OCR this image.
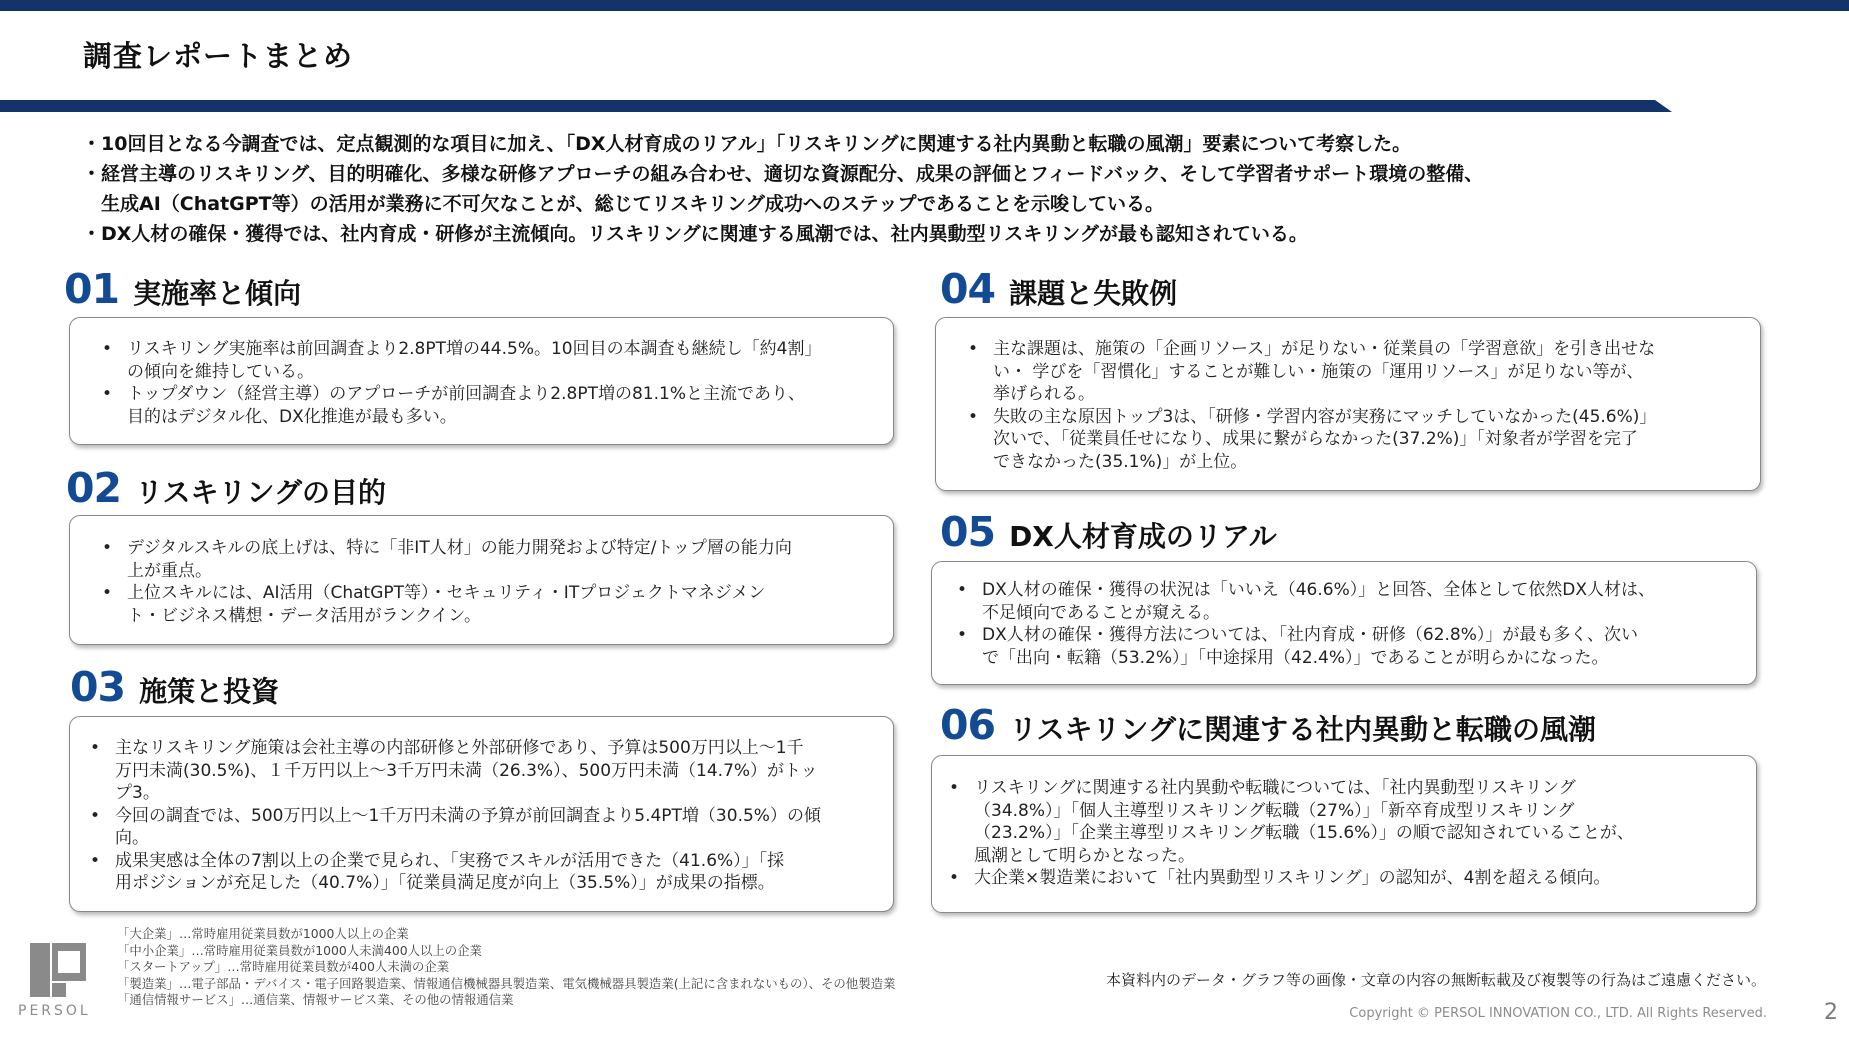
調査レポートまとめ
・10回目となる今調査では、定点観測的な項目に加え、「DX人材育成のリアル」「リスキリングに関連する社内異動と転職の風潮」要素について考察した。
・経営主導のリスキリング、目的明確化、多様な研修アプローチの組み合わせ、適切な資源配分、成果の評価とフィードバック、そして学習者サポート環境の整備、
　生成AI（ChatGPT等）の活用が業務に不可欠なことが、総じてリスキリング成功へのステップであることを示唆している。
・DX人材の確保・獲得では、社内育成・研修が主流傾向。リスキリングに関連する風潮では、社内異動型リスキリングが最も認知されている。
01 実施率と傾向
• リスキリング実施率は前回調査より2.8PT増の44.5%。10回目の本調査も継続し「約4割」
の傾向を維持している。
• トップダウン（経営主導）のアプローチが前回調査より2.8PT増の81.1%と主流であり、
目的はデジタル化、DX化推進が最も多い。
02 リスキリングの目的
• デジタルスキルの底上げは、特に「非IT人材」の能力開発および特定/トップ層の能力向
上が重点。
• 上位スキルには、AI活用（ChatGPT等）・セキュリティ・ITプロジェクトマネジメン
ト・ビジネス構想・データ活用がランクイン。
03 施策と投資
• 主なリスキリング施策は会社主導の内部研修と外部研修であり、予算は500万円以上～1千
万円未満(30.5%)、１千万円以上～3千万円未満（26.3%）、500万円未満（14.7%）がトッ
プ3。
• 今回の調査では、500万円以上～1千万円未満の予算が前回調査より5.4PT増（30.5%）の傾
向。
• 成果実感は全体の7割以上の企業で見られ、「実務でスキルが活用できた（41.6%）」「採
用ポジションが充足した（40.7%）」「従業員満足度が向上（35.5%）」が成果の指標。
04 課題と失敗例
• 主な課題は、施策の「企画リソース」が足りない・従業員の「学習意欲」を引き出せな
い・ 学びを「習慣化」することが難しい・施策の「運用リソース」が足りない等が、
挙げられる。
• 失敗の主な原因トップ3は、「研修・学習内容が実務にマッチしていなかった(45.6%)」
次いで、「従業員任せになり、成果に繋がらなかった(37.2%)」「対象者が学習を完了
できなかった(35.1%)」が上位。
05 DX人材育成のリアル
• DX人材の確保・獲得の状況は「いいえ（46.6%）」と回答、全体として依然DX人材は、
不足傾向であることが窺える。
• DX人材の確保・獲得方法については、「社内育成・研修（62.8%）」が最も多く、次い
で「出向・転籍（53.2%）」「中途採用（42.4%）」であることが明らかになった。
06 リスキリングに関連する社内異動と転職の風潮
• リスキリングに関連する社内異動や転職については、「社内異動型リスキリング
（34.8%）」「個人主導型リスキリング転職（27%）」「新卒育成型リスキリング
（23.2%）」「企業主導型リスキリング転職（15.6%）」の順で認知されていることが、
風潮として明らかとなった。
• 大企業×製造業において「社内異動型リスキリング」の認知が、4割を超える傾向。
「大企業」…常時雇用従業員数が1000人以上の企業
「中小企業」…常時雇用従業員数が1000人未満400人以上の企業
「スタートアップ」…常時雇用従業員数が400人未満の企業
「製造業」…電子部品・デバイス・電子回路製造業、情報通信機械器具製造業、電気機械器具製造業(上記に含まれないもの）、その他製造業
「通信情報サービス」…通信業、情報サービス業、その他の情報通信業
PERSOL
本資料内のデータ・グラフ等の画像・文章の内容の無断転載及び複製等の行為はご遠慮ください。
Copyright © PERSOL INNOVATION CO., LTD. All Rights Reserved.	2
